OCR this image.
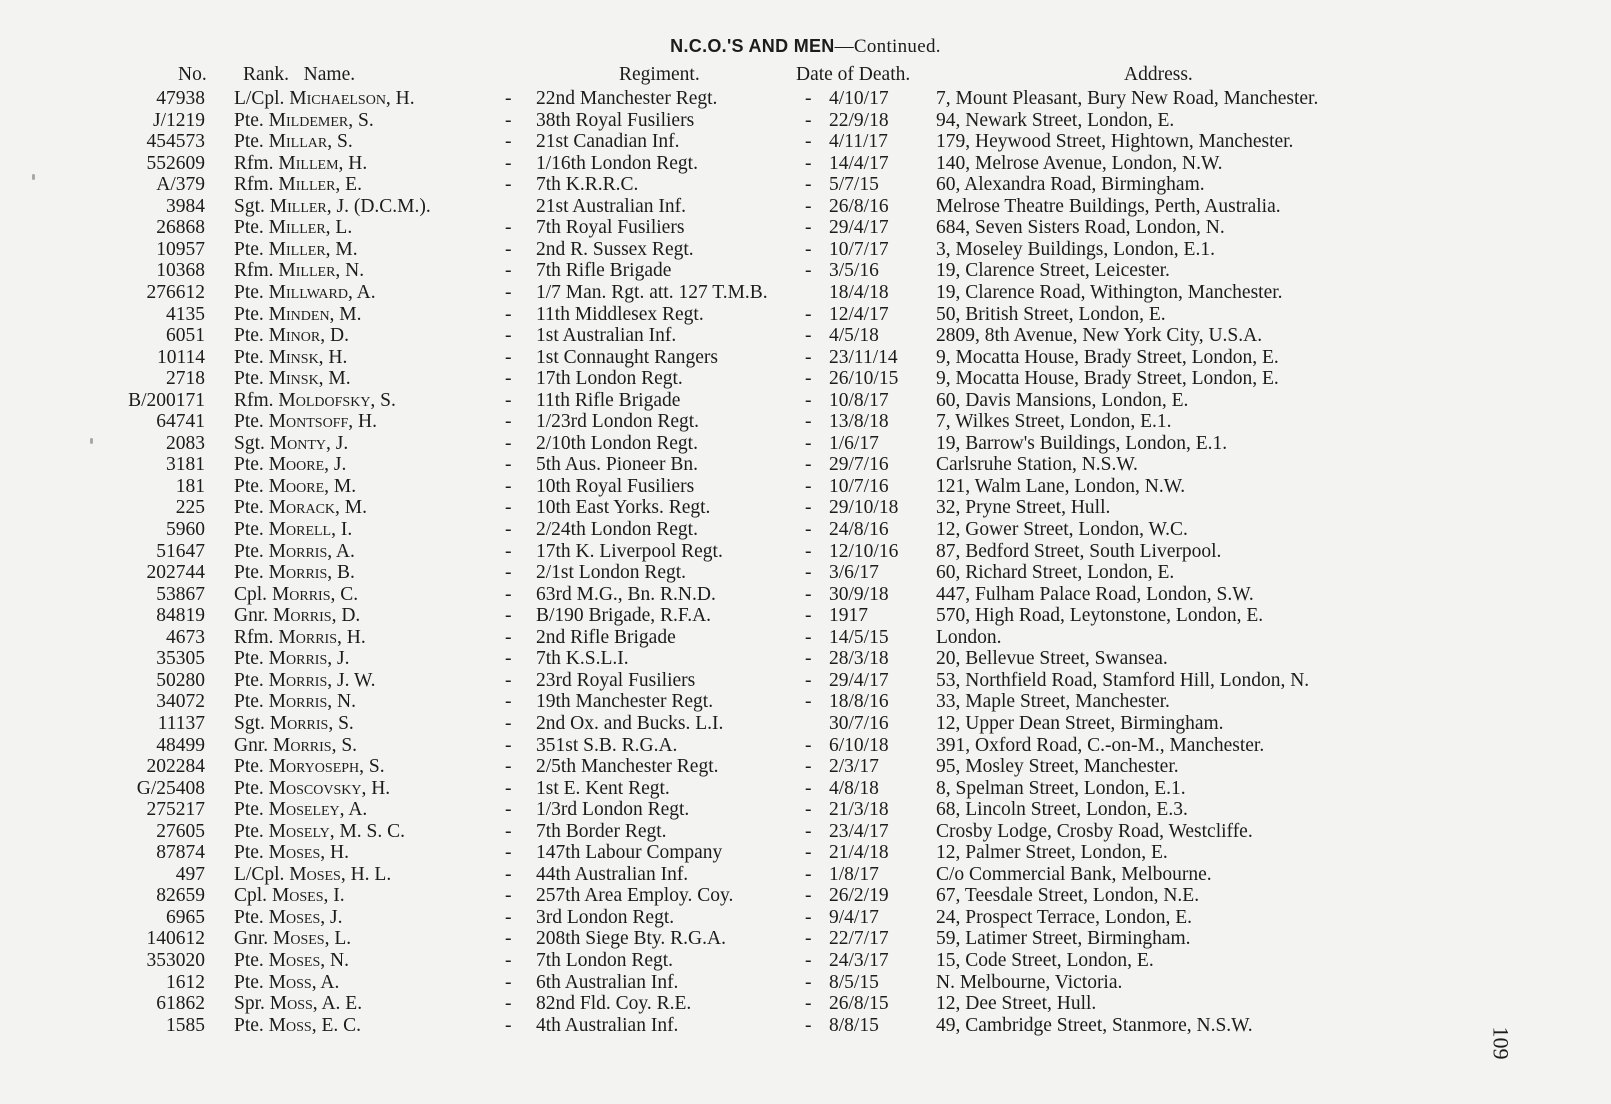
N.C.O.'S AND MEN—Continued.
No. Rank.   Name.	Regiment.	Date of Death.	Address.
47938 L/Cpl. Michaelson, H.	- 22nd Manchester Regt.	- 4/10/17 7, Mount Pleasant, Bury New Road, Manchester.
J/1219 Pte. Mildemer, S.	- 38th Royal Fusiliers	- 22/9/18 94, Newark Street, London, E.
454573 Pte. Millar, S.	- 21st Canadian Inf.	- 4/11/17 179, Heywood Street, Hightown, Manchester.
552609 Rfm. Millem, H.	- 1/16th London Regt.	- 14/4/17 140, Melrose Avenue, London, N.W.
A/379 Rfm. Miller, E.	- 7th K.R.R.C.	- 5/7/15	60, Alexandra Road, Birmingham.
3984 Sgt. Miller, J. (D.C.M.).	21st Australian Inf.	- 26/8/16 Melrose Theatre Buildings, Perth, Australia.
26868 Pte. Miller, L.	- 7th Royal Fusiliers	- 29/4/17 684, Seven Sisters Road, London, N.
10957 Pte. Miller, M.	- 2nd R. Sussex Regt.	- 10/7/17 3, Moseley Buildings, London, E.1.
10368 Rfm. Miller, N.	- 7th Rifle Brigade	- 3/5/16	19, Clarence Street, Leicester.
276612 Pte. Millward, A.	- 1/7 Man. Rgt. att. 127 T.M.B.	18/4/18 19, Clarence Road, Withington, Manchester.
4135 Pte. Minden, M.	- 11th Middlesex Regt.	- 12/4/17 50, British Street, London, E.
6051 Pte. Minor, D.	- 1st Australian Inf.	- 4/5/18	2809, 8th Avenue, New York City, U.S.A.
10114 Pte. Minsk, H.	- 1st Connaught Rangers	- 23/11/14 9, Mocatta House, Brady Street, London, E.
2718 Pte. Minsk, M.	- 17th London Regt.	- 26/10/15 9, Mocatta House, Brady Street, London, E.
B/200171 Rfm. Moldofsky, S.	- 11th Rifle Brigade	- 10/8/17 60, Davis Mansions, London, E.
64741 Pte. Montsoff, H.	- 1/23rd London Regt.	- 13/8/18 7, Wilkes Street, London, E.1.
2083 Sgt. Monty, J.	- 2/10th London Regt.	- 1/6/17	19, Barrow's Buildings, London, E.1.
3181 Pte. Moore, J.	- 5th Aus. Pioneer Bn.	- 29/7/16 Carlsruhe Station, N.S.W.
181 Pte. Moore, M.	- 10th Royal Fusiliers	- 10/7/16 121, Walm Lane, London, N.W.
225 Pte. Morack, M.	- 10th East Yorks. Regt.	- 29/10/18 32, Pryne Street, Hull.
5960 Pte. Morell, I.	- 2/24th London Regt.	- 24/8/16 12, Gower Street, London, W.C.
51647 Pte. Morris, A.	- 17th K. Liverpool Regt.	- 12/10/16 87, Bedford Street, South Liverpool.
202744 Pte. Morris, B.	- 2/1st London Regt.	- 3/6/17	60, Richard Street, London, E.
53867 Cpl. Morris, C.	- 63rd M.G., Bn. R.N.D.	- 30/9/18 447, Fulham Palace Road, London, S.W.
84819 Gnr. Morris, D.	- B/190 Brigade, R.F.A.	- 1917	570, High Road, Leytonstone, London, E.
4673 Rfm. Morris, H.	- 2nd Rifle Brigade	- 14/5/15 London.
35305 Pte. Morris, J.	- 7th K.S.L.I.	- 28/3/18 20, Bellevue Street, Swansea.
50280 Pte. Morris, J. W.	- 23rd Royal Fusiliers	- 29/4/17 53, Northfield Road, Stamford Hill, London, N.
34072 Pte. Morris, N.	- 19th Manchester Regt.	- 18/8/16 33, Maple Street, Manchester.
11137 Sgt. Morris, S.	- 2nd Ox. and Bucks. L.I.	30/7/16 12, Upper Dean Street, Birmingham.
48499 Gnr. Morris, S.	- 351st S.B. R.G.A.	- 6/10/18 391, Oxford Road, C.-on-M., Manchester.
202284 Pte. Moryoseph, S.	- 2/5th Manchester Regt.	- 2/3/17	95, Mosley Street, Manchester.
G/25408 Pte. Moscovsky, H.	- 1st E. Kent Regt.	- 4/8/18	8, Spelman Street, London, E.1.
275217 Pte. Moseley, A.	- 1/3rd London Regt.	- 21/3/18 68, Lincoln Street, London, E.3.
27605 Pte. Mosely, M. S. C.	- 7th Border Regt.	- 23/4/17 Crosby Lodge, Crosby Road, Westcliffe.
87874 Pte. Moses, H.	- 147th Labour Company	- 21/4/18 12, Palmer Street, London, E.
497 L/Cpl. Moses, H. L.	- 44th Australian Inf.	- 1/8/17	C/o Commercial Bank, Melbourne.
82659 Cpl. Moses, I.	- 257th Area Employ. Coy.	- 26/2/19 67, Teesdale Street, London, N.E.
6965 Pte. Moses, J.	- 3rd London Regt.	- 9/4/17	24, Prospect Terrace, London, E.
140612 Gnr. Moses, L.	- 208th Siege Bty. R.G.A.	- 22/7/17 59, Latimer Street, Birmingham.
353020 Pte. Moses, N.	- 7th London Regt.	- 24/3/17 15, Code Street, London, E.
1612 Pte. Moss, A.	- 6th Australian Inf.	- 8/5/15	N. Melbourne, Victoria.
61862 Spr. Moss, A. E.	- 82nd Fld. Coy. R.E.	- 26/8/15 12, Dee Street, Hull.
1585 Pte. Moss, E. C.	- 4th Australian Inf.	- 8/8/15	49, Cambridge Street, Stanmore, N.S.W.
109
